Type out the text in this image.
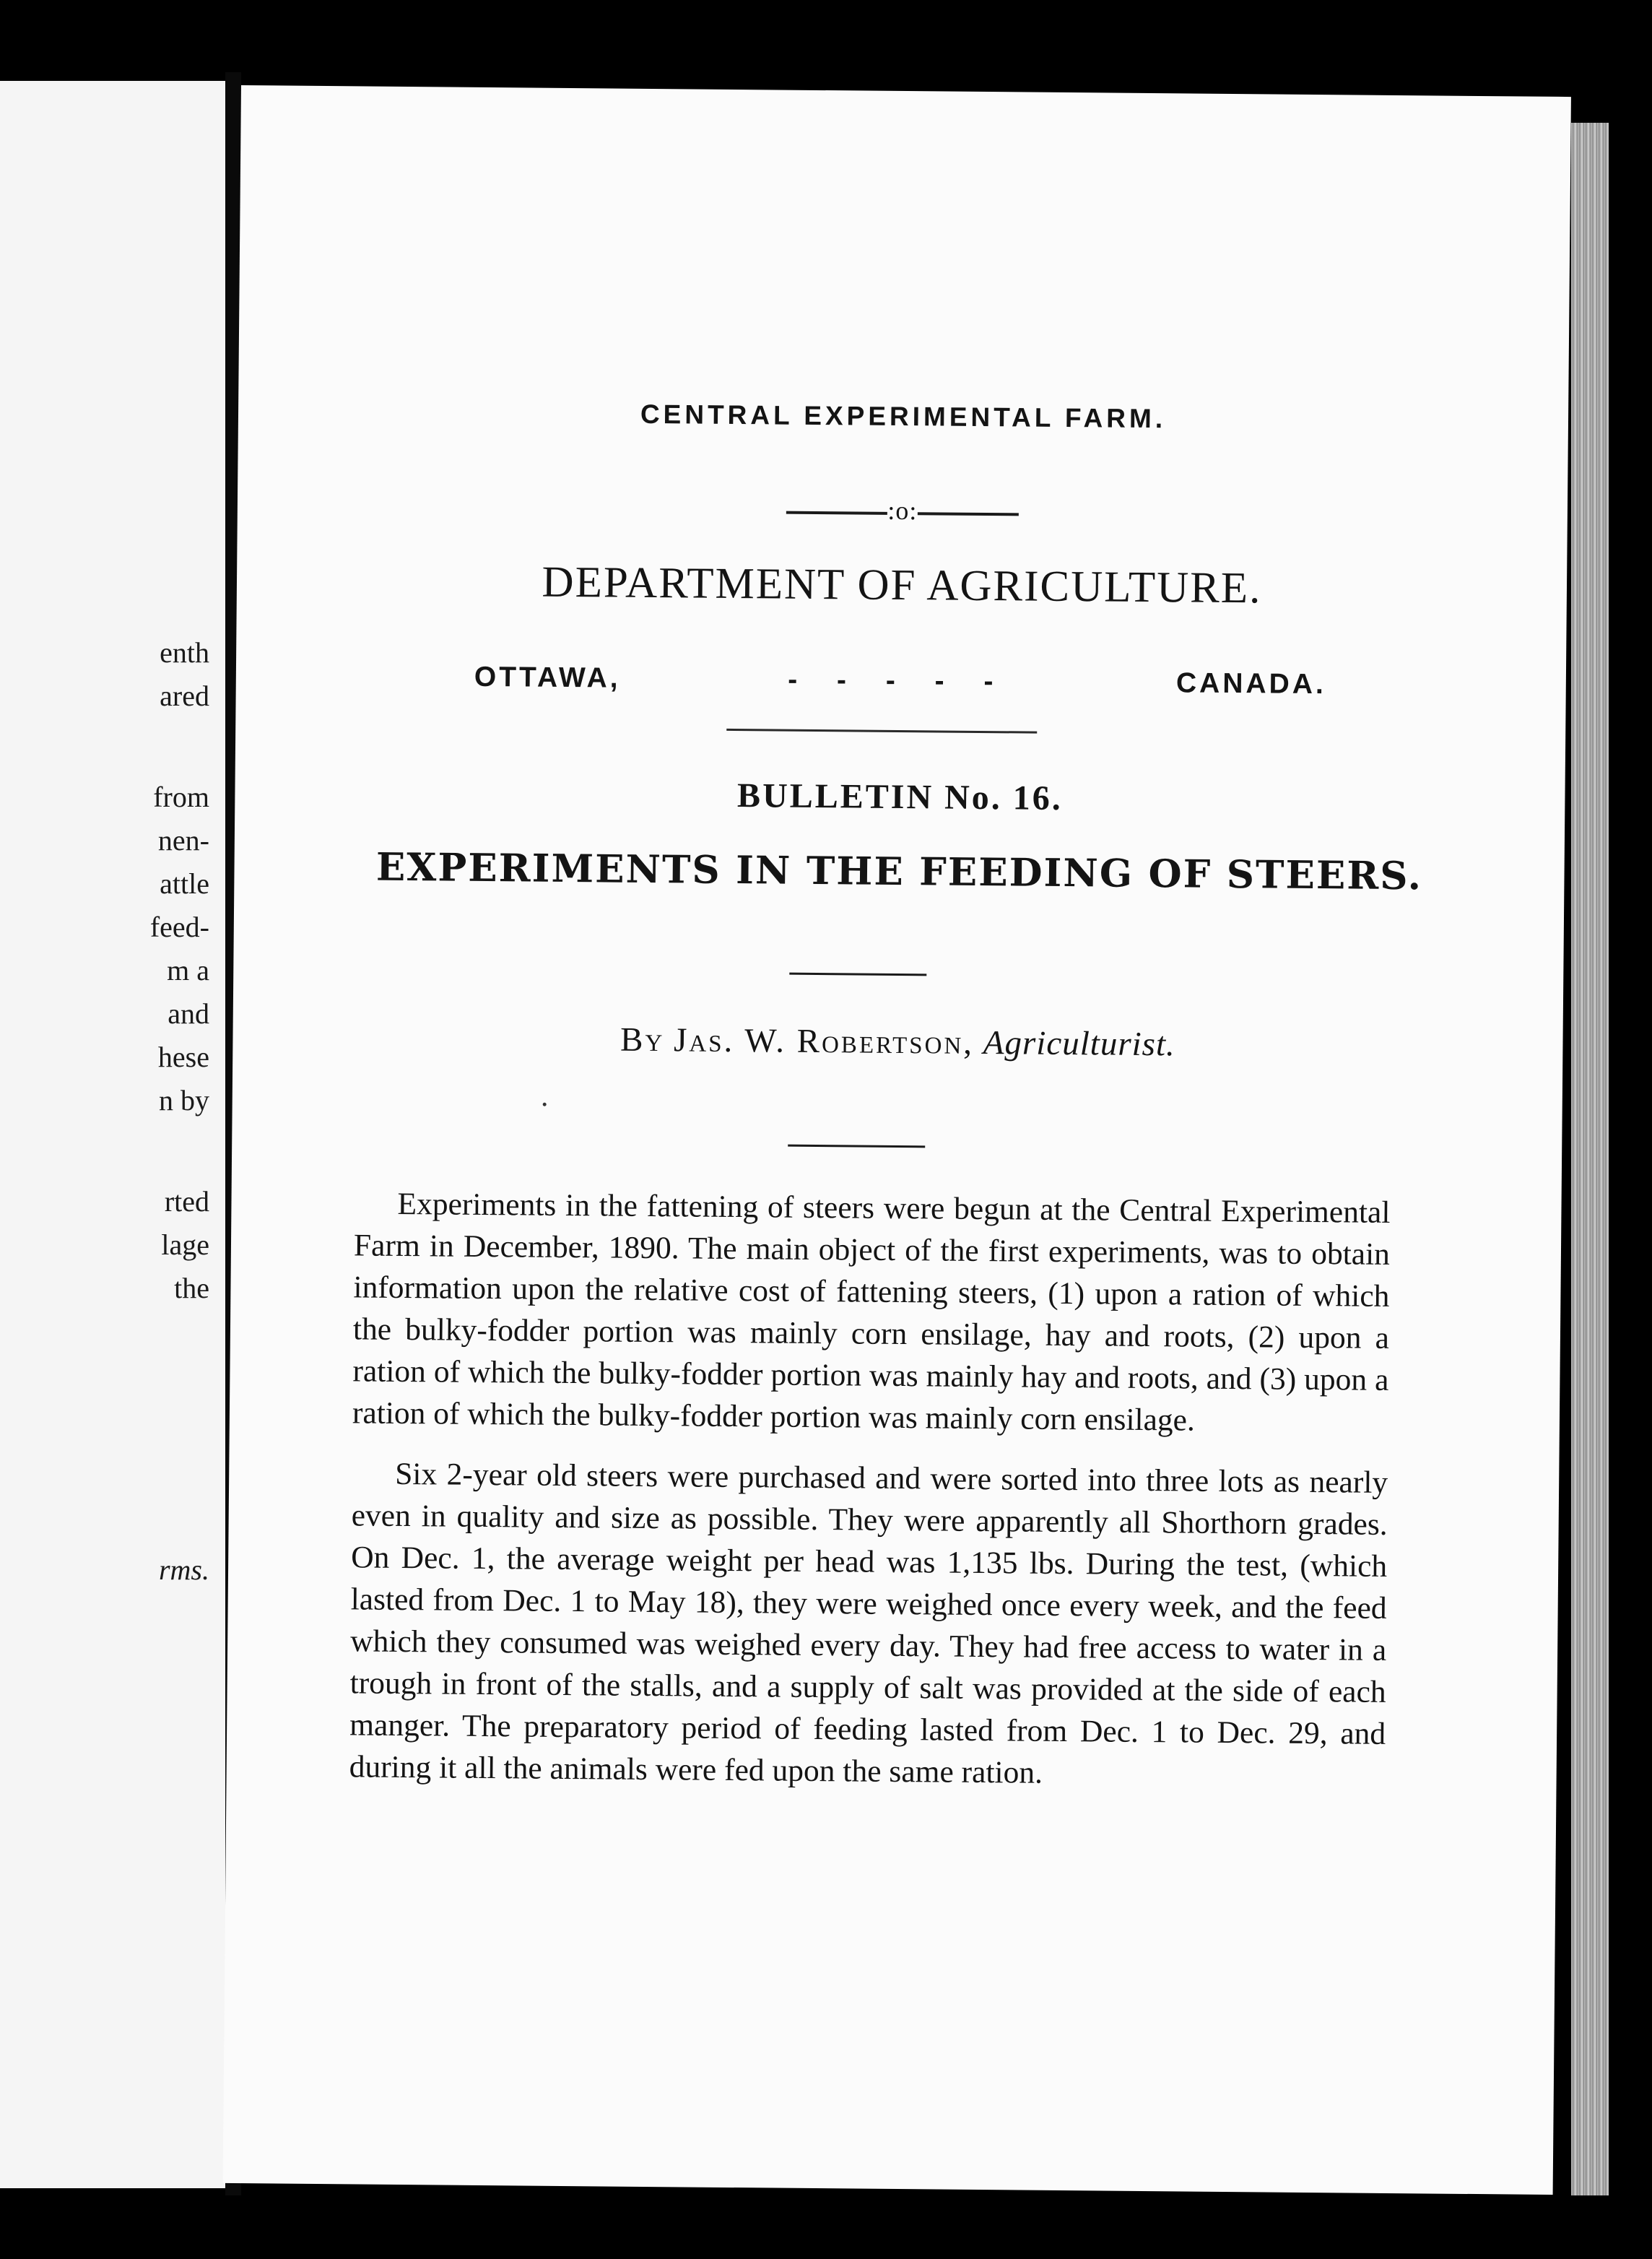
enth
ared
from
nen-
attle
feed-
m a
and
hese
n by
rted
lage
the
rms.
CENTRAL EXPERIMENTAL FARM.
:o:
DEPARTMENT OF AGRICULTURE.
OTTAWA,	- - - - -	CANADA.
BULLETIN No. 16.
EXPERIMENTS IN THE FEEDING OF STEERS.
By Jas. W. Robertson, Agriculturist.

Experiments in the fattening of steers were begun at the Central Experimental Farm in December, 1890. The main object of the first experiments, was to obtain information upon the relative cost of fattening steers, (1) upon a ration of which the bulky-fodder portion was mainly corn ensilage, hay and roots, (2) upon a ration of which the bulky-fodder portion was mainly hay and roots, and (3) upon a ration of which the bulky-fodder portion was mainly corn ensilage.

Six 2-year old steers were purchased and were sorted into three lots as nearly even in quality and size as possible. They were apparently all Shorthorn grades. On Dec. 1, the average weight per head was 1,135 lbs. During the test, (which lasted from Dec. 1 to May 18), they were weighed once every week, and the feed which they consumed was weighed every day. They had free access to water in a trough in front of the stalls, and a supply of salt was provided at the side of each manger. The preparatory period of feeding lasted from Dec. 1 to Dec. 29, and during it all the animals were fed upon the same ration.
